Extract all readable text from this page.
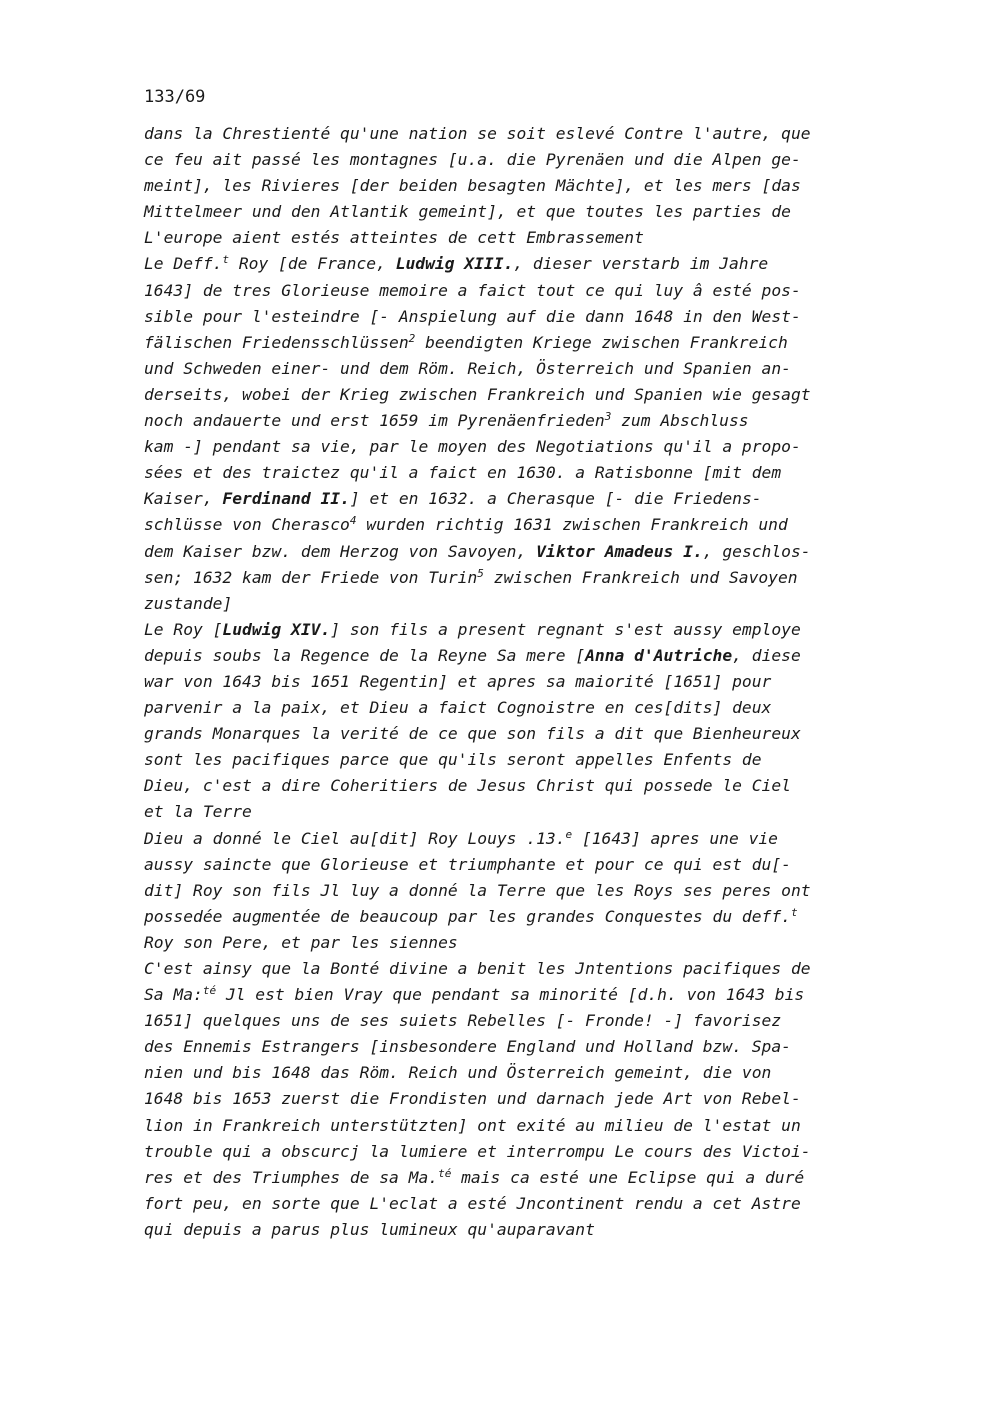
133/69
dans la Chrestienté qu'une nation se soit eslevé Contre l'autre, que
ce feu ait passé les montagnes [u.a. die Pyrenäen und die Alpen ge-
meint], les Rivieres [der beiden besagten Mächte], et les mers [das
Mittelmeer und den Atlantik gemeint], et que toutes les parties de
L'europe aient estés atteintes de cett Embrassement
Le Deff.$^t$ Roy [de France, Ludwig XIII., dieser verstarb im Jahre
1643] de tres Glorieuse memoire a faict tout ce qui luy â esté pos-
sible pour l'esteindre [- Anspielung auf die dann 1648 in den West-
fälischen Friedensschlüssen$^2$ beendigten Kriege zwischen Frankreich
und Schweden einer- und dem Röm. Reich, Österreich und Spanien an-
derseits, wobei der Krieg zwischen Frankreich und Spanien wie gesagt
noch andauerte und erst 1659 im Pyrenäenfrieden$^3$ zum Abschluss
kam -] pendant sa vie, par le moyen des Negotiations qu'il a propo-
sées et des traictez qu'il a faict en 1630. a Ratisbonne [mit dem
Kaiser, Ferdinand II.] et en 1632. a Cherasque [- die Friedens-
schlüsse von Cherasco$^4$ wurden richtig 1631 zwischen Frankreich und
dem Kaiser bzw. dem Herzog von Savoyen, Viktor Amadeus I., geschlos-
sen; 1632 kam der Friede von Turin$^5$ zwischen Frankreich und Savoyen
zustande]
Le Roy [Ludwig XIV.] son fils a present regnant s'est aussy employe
depuis soubs la Regence de la Reyne Sa mere [Anna d'Autriche, diese
war von 1643 bis 1651 Regentin] et apres sa maiorité [1651] pour
parvenir a la paix, et Dieu a faict Cognoistre en ces[dits] deux
grands Monarques la verité de ce que son fils a dit que Bienheureux
sont les pacifiques parce que qu'ils seront appelles Enfents de
Dieu, c'est a dire Coheritiers de Jesus Christ qui possede le Ciel
et la Terre
Dieu a donné le Ciel au[dit] Roy Louys .13.$^e$ [1643] apres une vie
aussy saincte que Glorieuse et triumphante et pour ce qui est du[-
dit] Roy son fils Jl luy a donné la Terre que les Roys ses peres ont
possedée augmentée de beaucoup par les grandes Conquestes du deff.$^t$
Roy son Pere, et par les siennes
C'est ainsy que la Bonté divine a benit les Jntentions pacifiques de
Sa Ma:$^{té}$ Jl est bien Vray que pendant sa minorité [d.h. von 1643 bis
1651] quelques uns de ses suiets Rebelles [- Fronde! -] favorisez
des Ennemis Estrangers [insbesondere England und Holland bzw. Spa-
nien und bis 1648 das Röm. Reich und Österreich gemeint, die von
1648 bis 1653 zuerst die Frondisten und darnach jede Art von Rebel-
lion in Frankreich unterstützten] ont exité au milieu de l'estat un
trouble qui a obscurcj la lumiere et interrompu Le cours des Victoi-
res et des Triumphes de sa Ma.$^{té}$ mais ca esté une Eclipse qui a duré
fort peu, en sorte que L'eclat a esté Jncontinent rendu a cet Astre
qui depuis a parus plus lumineux qu'auparavant
